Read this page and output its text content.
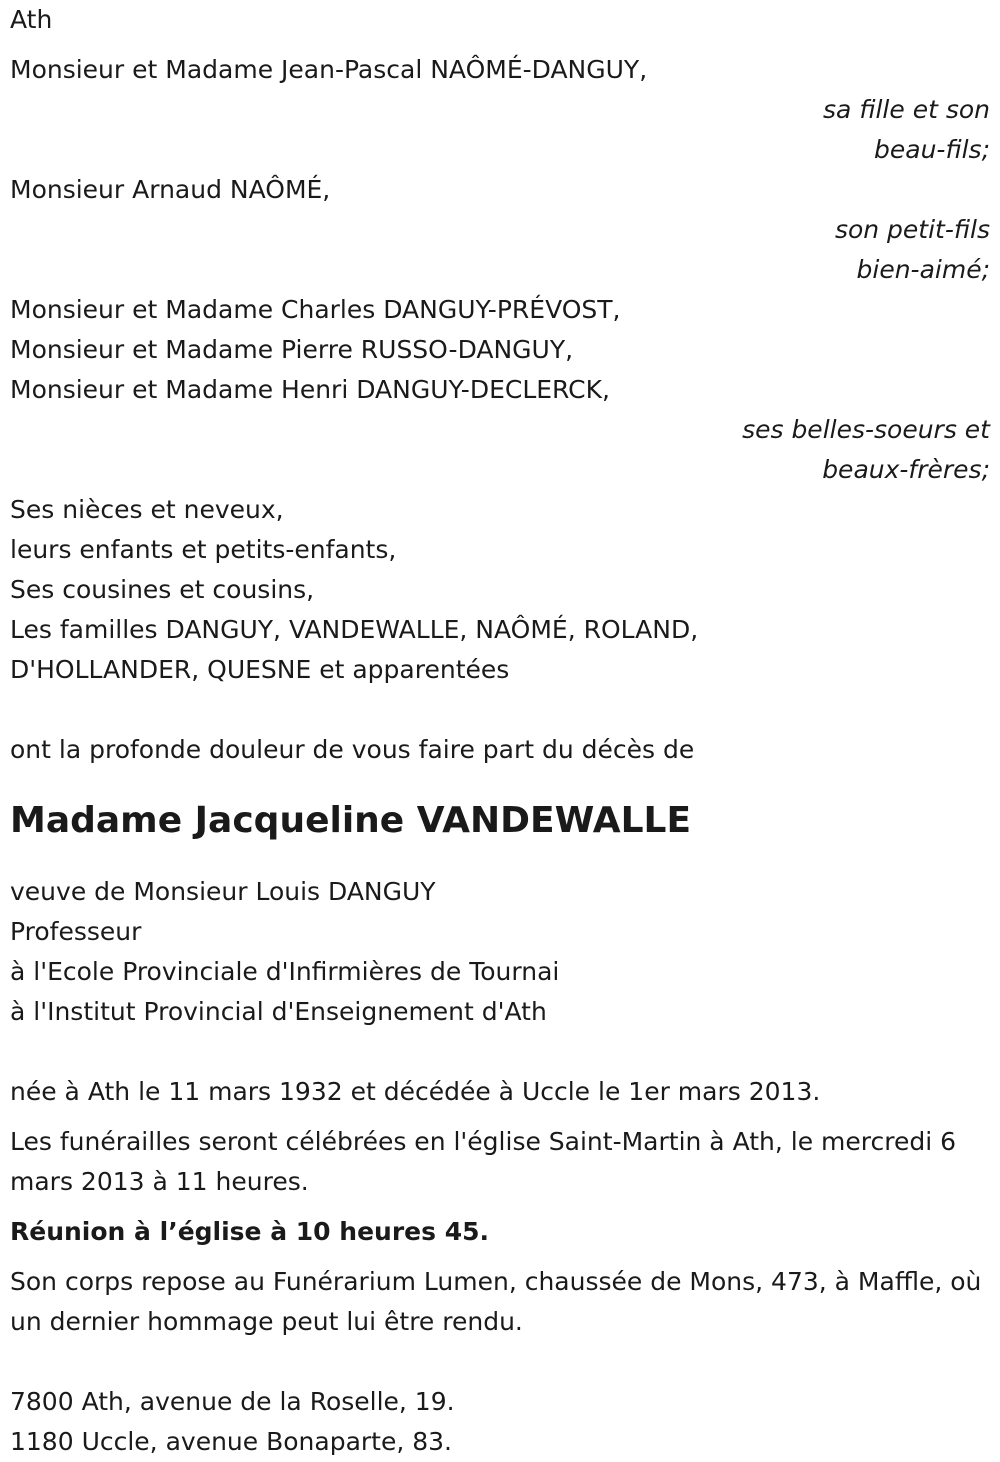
Ath
Monsieur et Madame Jean-Pascal NAÔMÉ-DANGUY,
sa fille et son
beau-fils;
Monsieur Arnaud NAÔMÉ,
son petit-fils
bien-aimé;
Monsieur et Madame Charles DANGUY-PRÉVOST,
Monsieur et Madame Pierre RUSSO-DANGUY,
Monsieur et Madame Henri DANGUY-DECLERCK,
ses belles-soeurs et
beaux-frères;
Ses nièces et neveux,
leurs enfants et petits-enfants,
Ses cousines et cousins,
Les familles DANGUY, VANDEWALLE, NAÔMÉ, ROLAND,
D'HOLLANDER, QUESNE et apparentées
ont la profonde douleur de vous faire part du décès de
Madame Jacqueline VANDEWALLE
veuve de Monsieur Louis DANGUY
Professeur
à l'Ecole Provinciale d'Infirmières de Tournai
à l'Institut Provincial d'Enseignement d'Ath
née à Ath le 11 mars 1932 et décédée à Uccle le 1er mars 2013.
Les funérailles seront célébrées en l'église Saint-Martin à Ath, le mercredi 6 mars 2013 à 11 heures.
Réunion à l’église à 10 heures 45.
Son corps repose au Funérarium Lumen, chaussée de Mons, 473, à Maffle, où un dernier hommage peut lui être rendu.
7800 Ath, avenue de la Roselle, 19.
1180 Uccle, avenue Bonaparte, 83.
